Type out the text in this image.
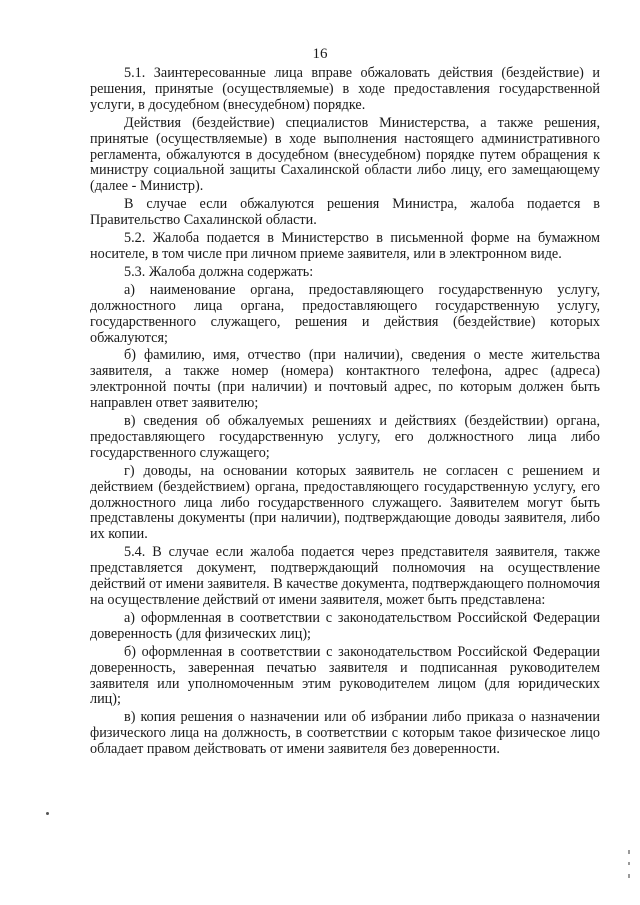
16

5.1. Заинтересованные лица вправе обжаловать действия (бездействие) и решения, принятые (осуществляемые) в ходе предоставления государственной услуги, в досудебном (внесудебном) порядке.

Действия (бездействие) специалистов Министерства, а также решения, принятые (осуществляемые) в ходе выполнения настоящего административного регламента, обжалуются в досудебном (внесудебном) порядке путем обращения к министру социальной защиты Сахалинской области либо лицу, его замещающему (далее - Министр).

В случае если обжалуются решения Министра, жалоба подается в Правительство Сахалинской области.

5.2. Жалоба подается в Министерство в письменной форме на бумажном носителе, в том числе при личном приеме заявителя, или в электронном виде.

5.3. Жалоба должна содержать:

а) наименование органа, предоставляющего государственную услугу, должностного лица органа, предоставляющего государственную услугу, государственного служащего, решения и действия (бездействие) которых обжалуются;

б) фамилию, имя, отчество (при наличии), сведения о месте жительства заявителя, а также номер (номера) контактного телефона, адрес (адреса) электронной почты (при наличии) и почтовый адрес, по которым должен быть направлен ответ заявителю;

в) сведения об обжалуемых решениях и действиях (бездействии) органа, предоставляющего государственную услугу, его должностного лица либо государственного служащего;

г) доводы, на основании которых заявитель не согласен с решением и действием (бездействием) органа, предоставляющего государственную услугу, его должностного лица либо государственного служащего. Заявителем могут быть представлены документы (при наличии), подтверждающие доводы заявителя, либо их копии.

5.4. В случае если жалоба подается через представителя заявителя, также представляется документ, подтверждающий полномочия на осуществление действий от имени заявителя. В качестве документа, подтверждающего полномочия на осуществление действий от имени заявителя, может быть представлена:

а) оформленная в соответствии с законодательством Российской Федерации доверенность (для физических лиц);

б) оформленная в соответствии с законодательством Российской Федерации доверенность, заверенная печатью заявителя и подписанная руководителем заявителя или уполномоченным этим руководителем лицом (для юридических лиц);

в) копия решения о назначении или об избрании либо приказа о назначении физического лица на должность, в соответствии с которым такое физическое лицо обладает правом действовать от имени заявителя без доверенности.
